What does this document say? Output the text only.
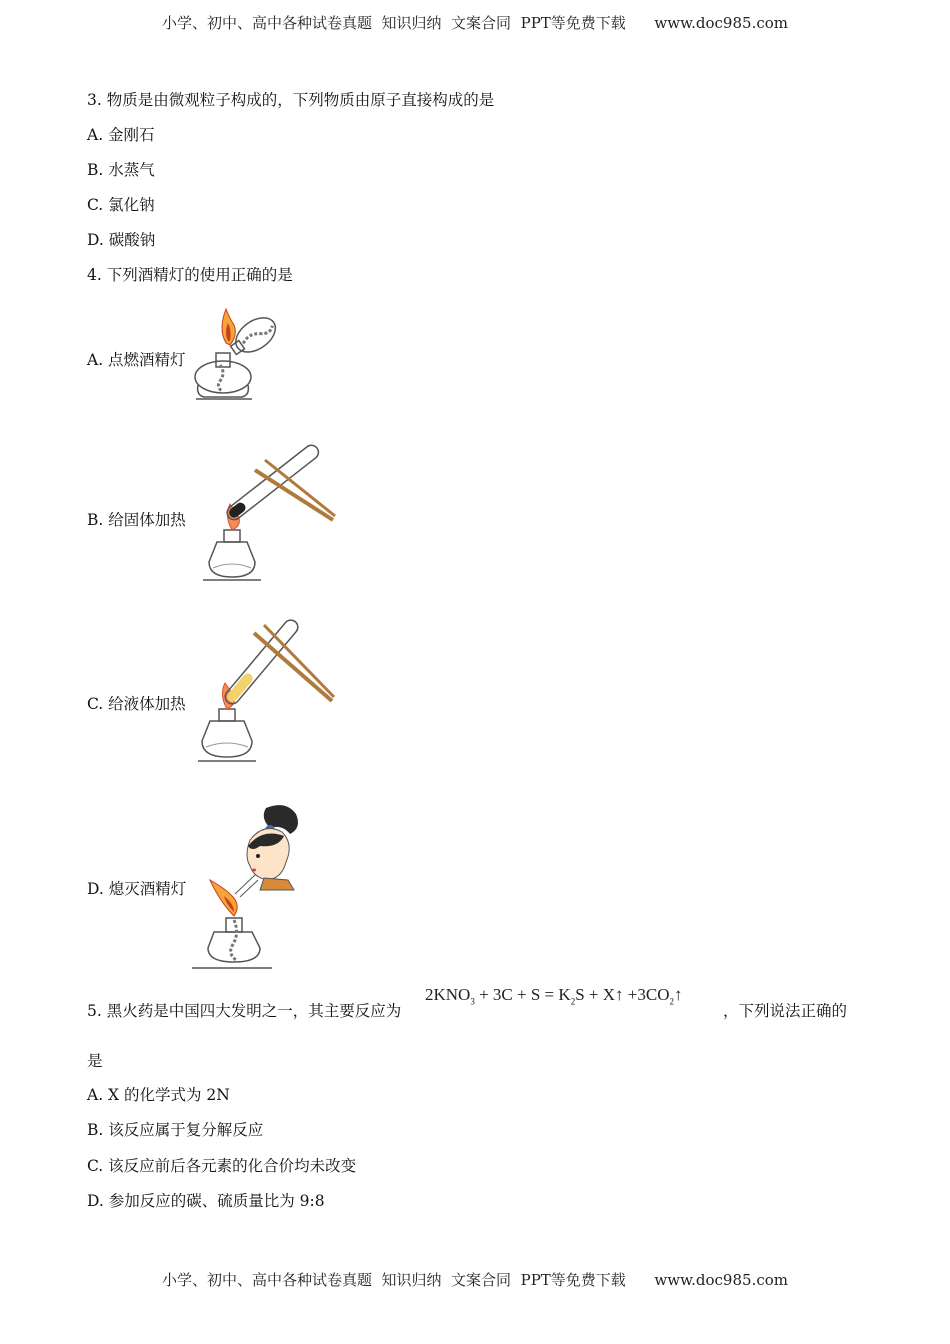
小学、初中、高中各种试卷真题  知识归纳  文案合同  PPT等免费下载      www.doc985.com
3. 物质是由微观粒子构成的，下列物质由原子直接构成的是
A. 金刚石
B. 水蒸气
C. 氯化钠
D. 碳酸钠
4. 下列酒精灯的使用正确的是
A. 点燃酒精灯
B. 给固体加热
C. 给液体加热
D. 熄灭酒精灯
5. 黑火药是中国四大发明之一，其主要反应为
$2KNO_3 + 3C + S = K_2S$ + X↑ $+3CO_2↑$
，下列说法正确的
是
A. X 的化学式为 2N
B. 该反应属于复分解反应
C. 该反应前后各元素的化合价均未改变
D. 参加反应的碳、硫质量比为 9:8
小学、初中、高中各种试卷真题  知识归纳  文案合同  PPT等免费下载      www.doc985.com
